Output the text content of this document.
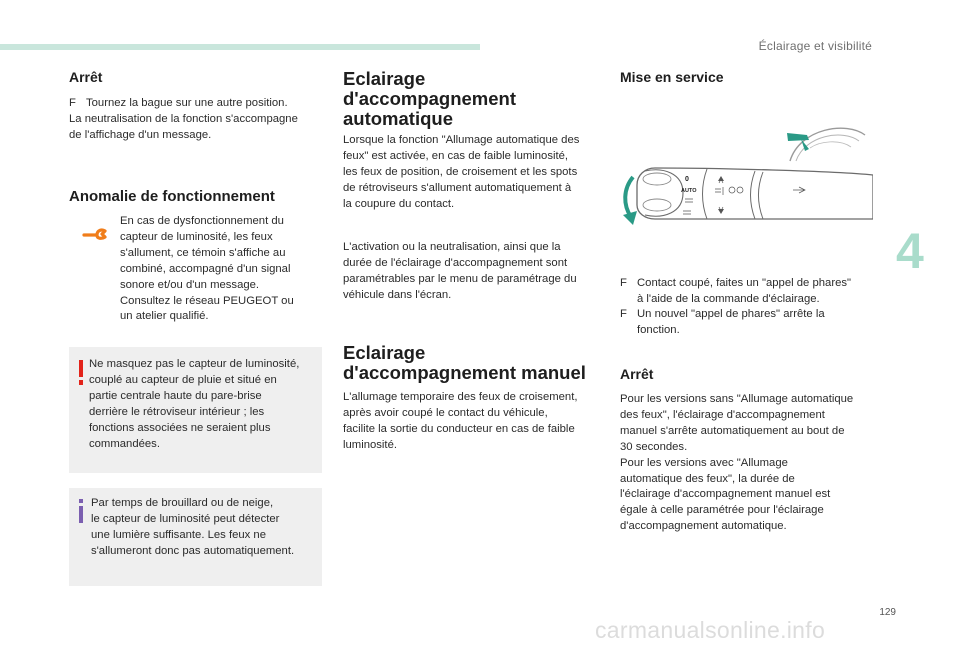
Éclairage et visibilité
4
129
carmanualsonline.info
Arrêt
F Tournez la bague sur une autre position.
La neutralisation de la fonction s'accompagne
de l'affichage d'un message.
Anomalie de fonctionnement
En cas de dysfonctionnement du
capteur de luminosité, les feux
s'allument, ce témoin s'affiche au
combiné, accompagné d'un signal
sonore et/ou d'un message.
Consultez le réseau PEUGEOT ou
un atelier qualifié.
Ne masquez pas le capteur de luminosité,
couplé au capteur de pluie et situé en
partie centrale haute du pare-brise
derrière le rétroviseur intérieur ; les
fonctions associées ne seraient plus
commandées.
Par temps de brouillard ou de neige,
le capteur de luminosité peut détecter
une lumière suffisante. Les feux ne
s'allumeront donc pas automatiquement.
Eclairage
d'accompagnement
automatique
Lorsque la fonction "Allumage automatique des
feux" est activée, en cas de faible luminosité,
les feux de position, de croisement et les spots
de rétroviseurs s'allument automatiquement à
la coupure du contact.
L'activation ou la neutralisation, ainsi que la
durée de l'éclairage d'accompagnement sont
paramétrables par le menu de paramétrage du
véhicule dans l'écran.
Eclairage
d'accompagnement manuel
L'allumage temporaire des feux de croisement,
après avoir coupé le contact du véhicule,
facilite la sortie du conducteur en cas de faible
luminosité.
Mise en service
0
AUTO
F Contact coupé, faites un "appel de phares"
à l'aide de la commande d'éclairage.
F Un nouvel "appel de phares" arrête la
fonction.
Arrêt
Pour les versions sans "Allumage automatique
des feux", l'éclairage d'accompagnement
manuel s'arrête automatiquement au bout de
30 secondes.
Pour les versions avec "Allumage
automatique des feux", la durée de
l'éclairage d'accompagnement manuel est
égale à celle paramétrée pour l'éclairage
d'accompagnement automatique.
